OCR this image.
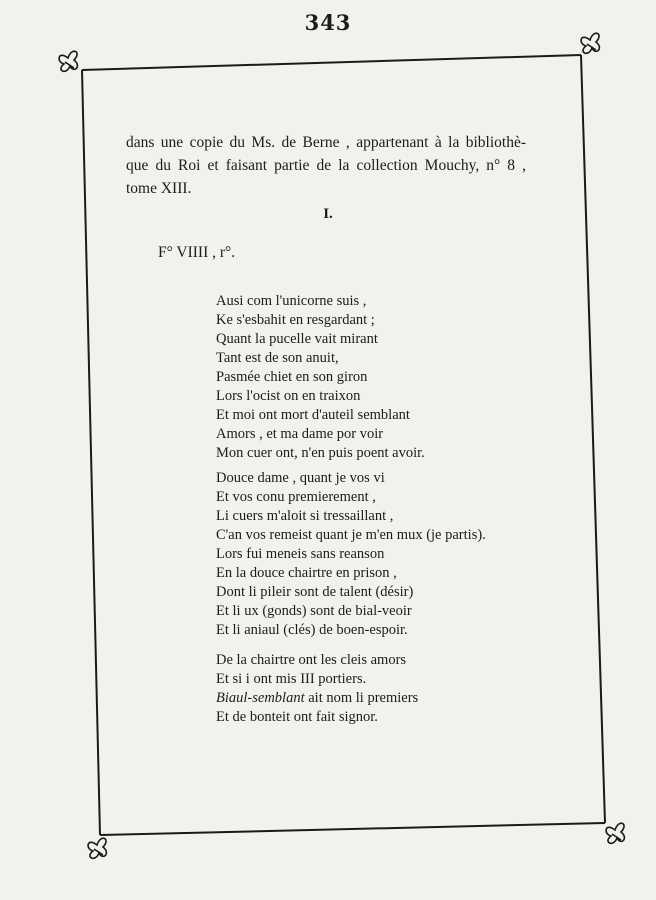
343
dans une copie du Ms. de Berne , appartenant à la bibliothè-
que du Roi et faisant partie de la collection Mouchy, n° 8 ,
tome XIII.
I.
F° VIIII , r°.
Ausi com l'unicorne suis ,
Ke s'esbahit en resgardant ;
Quant la pucelle vait mirant
Tant est de son anuit,
Pasmée chiet en son giron
Lors l'ocist on en traixon
Et moi ont mort d'auteil semblant
Amors , et ma dame por voir
Mon cuer ont, n'en puis poent avoir.
Douce dame , quant je vos vi
Et vos conu premierement ,
Li cuers m'aloit si tressaillant ,
C'an vos remeist quant je m'en mux (je partis).
Lors fui meneis sans reanson
En la douce chairtre en prison ,
Dont li pileir sont de talent (désir)
Et li ux (gonds) sont de bial-veoir
Et li aniaul (clés) de boen-espoir.
De la chairtre ont les cleis amors
Et si i ont mis III portiers.
Biaul-semblant ait nom li premiers
Et de bonteit ont fait signor.
